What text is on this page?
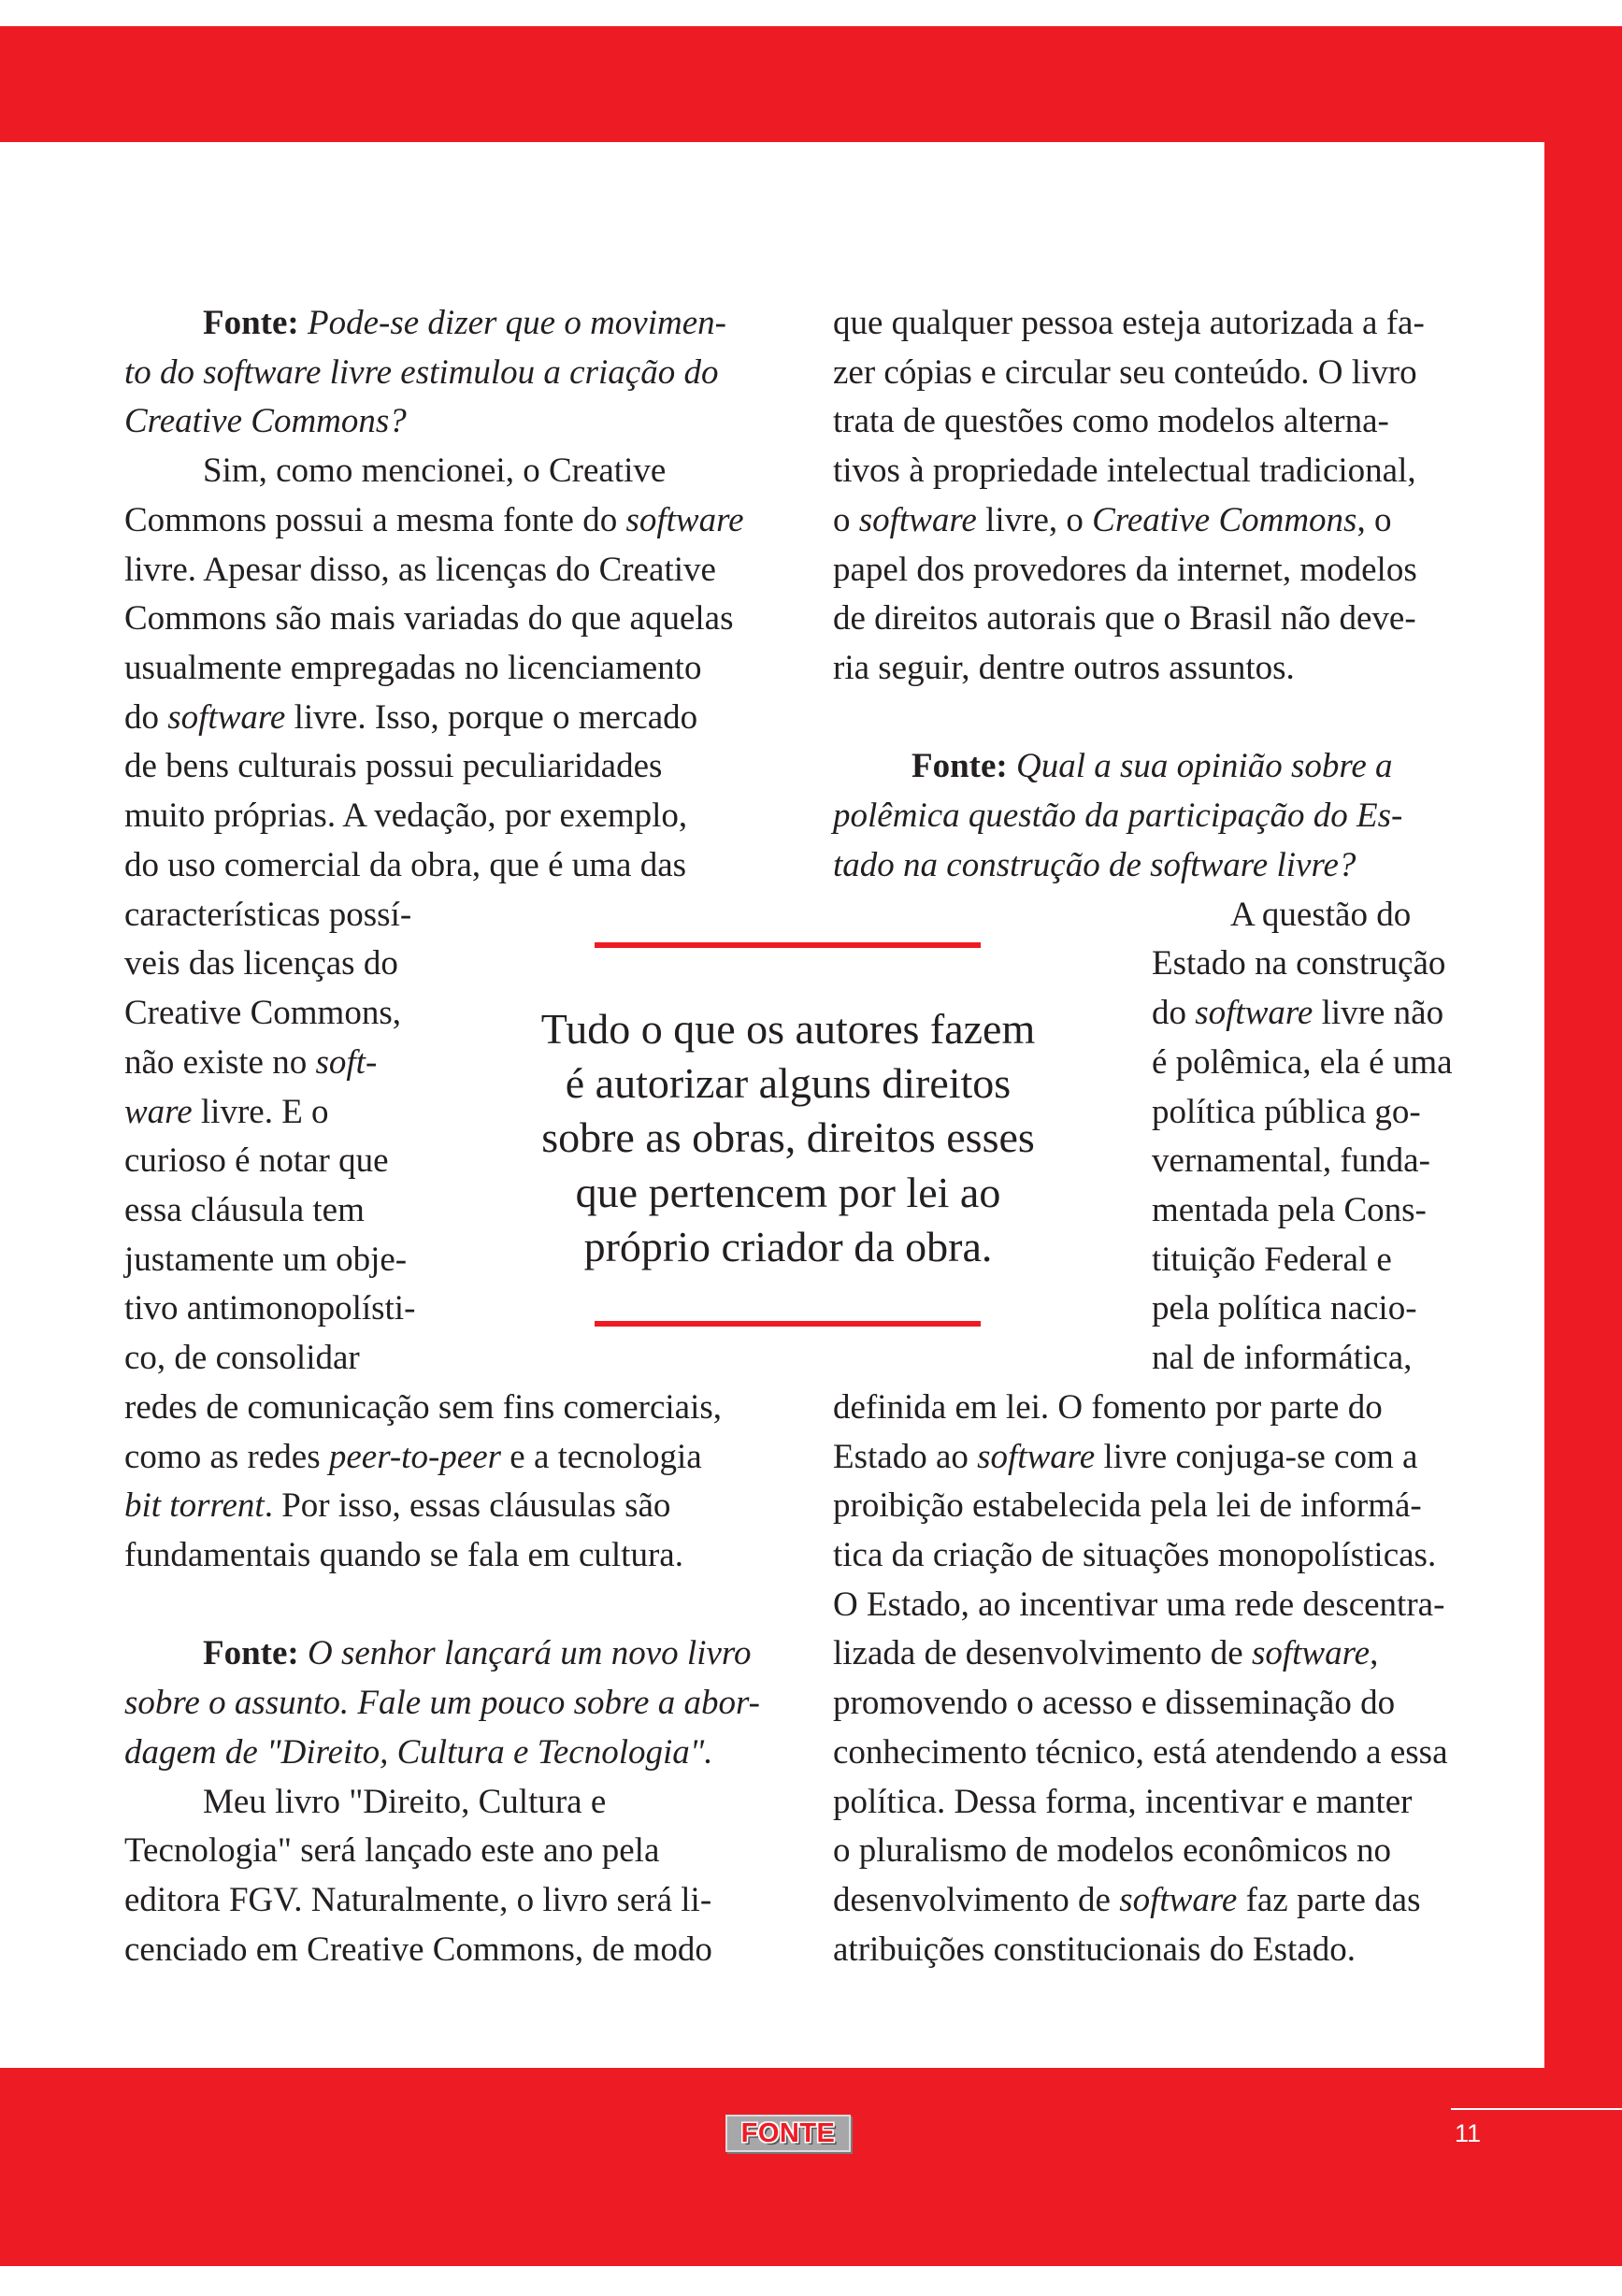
Fonte: Pode-se dizer que o movimen-
to do software livre estimulou a criação do
Creative Commons?
Sim, como mencionei, o Creative
Commons possui a mesma fonte do software
livre. Apesar disso, as licenças do Creative
Commons são mais variadas do que aquelas
usualmente empregadas no licenciamento
do software livre. Isso, porque o mercado
de bens culturais possui peculiaridades
muito próprias. A vedação, por exemplo,
do uso comercial da obra, que é uma das
características possí-
veis das licenças do
Creative Commons,
não existe no soft-
ware livre. E o
curioso é notar que
essa cláusula tem
justamente um obje-
tivo antimonopolísti-
co, de consolidar
redes de comunicação sem fins comerciais,
como as redes peer-to-peer e a tecnologia
bit torrent. Por isso, essas cláusulas são
fundamentais quando se fala em cultura.
Fonte: O senhor lançará um novo livro
sobre o assunto. Fale um pouco sobre a abor-
dagem de "Direito, Cultura e Tecnologia".
Meu livro "Direito, Cultura e
Tecnologia" será lançado este ano pela
editora FGV. Naturalmente, o livro será li-
cenciado em Creative Commons, de modo
que qualquer pessoa esteja autorizada a fa-
zer cópias e circular seu conteúdo. O livro
trata de questões como modelos alterna-
tivos à propriedade intelectual tradicional,
o software livre, o Creative Commons, o
papel dos provedores da internet, modelos
de direitos autorais que o Brasil não deve-
ria seguir, dentre outros assuntos.
Fonte: Qual a sua opinião sobre a
polêmica questão da participação do Es-
tado na construção de software livre?
A questão do
Estado na construção
do software livre não
é polêmica, ela é uma
política pública go-
vernamental, funda-
mentada pela Cons-
tituição Federal e
pela política nacio-
nal de informática,
definida em lei. O fomento por parte do
Estado ao software livre conjuga-se com a
proibição estabelecida pela lei de informá-
tica da criação de situações monopolísticas.
O Estado, ao incentivar uma rede descentra-
lizada de desenvolvimento de software,
promovendo o acesso e disseminação do
conhecimento técnico, está atendendo a essa
política. Dessa forma, incentivar e manter
o pluralismo de modelos econômicos no
desenvolvimento de software faz parte das
atribuições constitucionais do Estado.
Tudo o que os autores fazem
é autorizar alguns direitos
sobre as obras, direitos esses
que pertencem por lei ao
próprio criador da obra.
FONTE	11
